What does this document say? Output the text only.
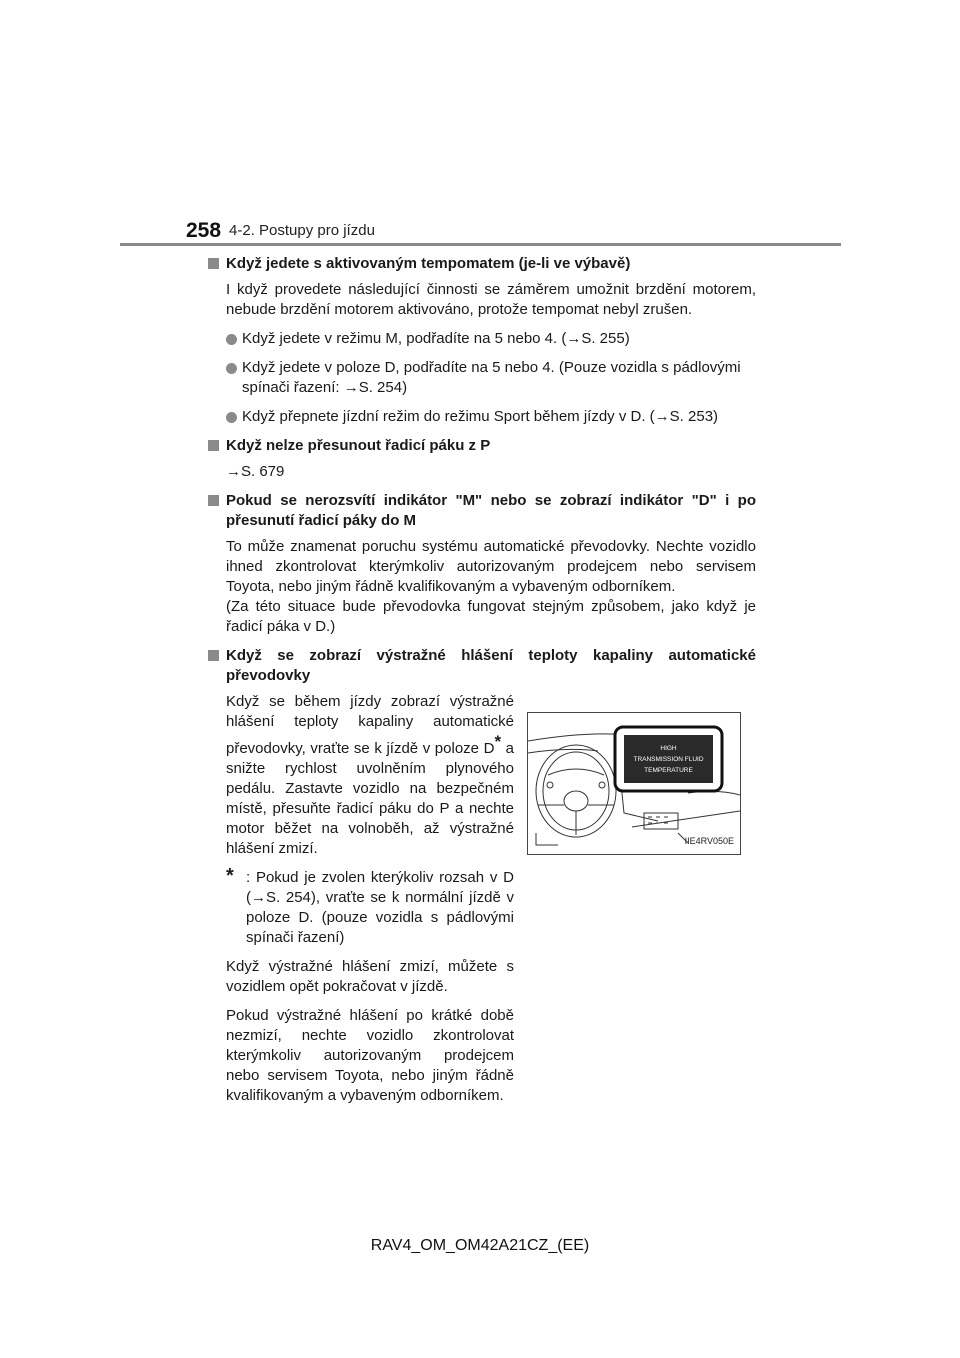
258 4-2. Postupy pro jízdu
Když jedete s aktivovaným tempomatem (je-li ve výbavě)
I když provedete následující činnosti se záměrem umožnit brzdění motorem, nebude brzdění motorem aktivováno, protože tempomat nebyl zrušen.
Když jedete v režimu M, podřadíte na 5 nebo 4. (→S. 255)
Když jedete v poloze D, podřadíte na 5 nebo 4. (Pouze vozidla s pádlovými spínači řazení: →S. 254)
Když přepnete jízdní režim do režimu Sport během jízdy v D. (→S. 253)
Když nelze přesunout řadicí páku z P
→S. 679
Pokud se nerozsvítí indikátor "M" nebo se zobrazí indikátor "D" i po přesunutí řadicí páky do M
To může znamenat poruchu systému automatické převodovky. Nechte vozidlo ihned zkontrolovat kterýmkoliv autorizovaným prodejcem nebo servisem Toyota, nebo jiným řádně kvalifikovaným a vybaveným odborníkem.
(Za této situace bude převodovka fungovat stejným způsobem, jako když je řadicí páka v D.)
Když se zobrazí výstražné hlášení teploty kapaliny automatické převodovky
Když se během jízdy zobrazí výstražné hlášení teploty kapaliny automatické převodovky, vraťte se k jízdě v poloze D* a snižte rychlost uvolněním plynového pedálu. Zastavte vozidlo na bezpečném místě, přesuňte řadicí páku do P a nechte motor běžet na volnoběh, až výstražné hlášení zmizí.
* : Pokud je zvolen kterýkoliv rozsah v D (→S. 254), vraťte se k normální jízdě v poloze D. (pouze vozidla s pádlovými spínači řazení)
Když výstražné hlášení zmizí, můžete s vozidlem opět pokračovat v jízdě.
Pokud výstražné hlášení po krátké době nezmizí, nechte vozidlo zkontrolovat kterýmkoliv autorizovaným prodejcem nebo servisem Toyota, nebo jiným řádně kvalifikovaným a vybaveným odborníkem.
HIGH
TRANSMISSION FLUID
TEMPERATURE
IIE4RV050E
RAV4_OM_OM42A21CZ_(EE)
